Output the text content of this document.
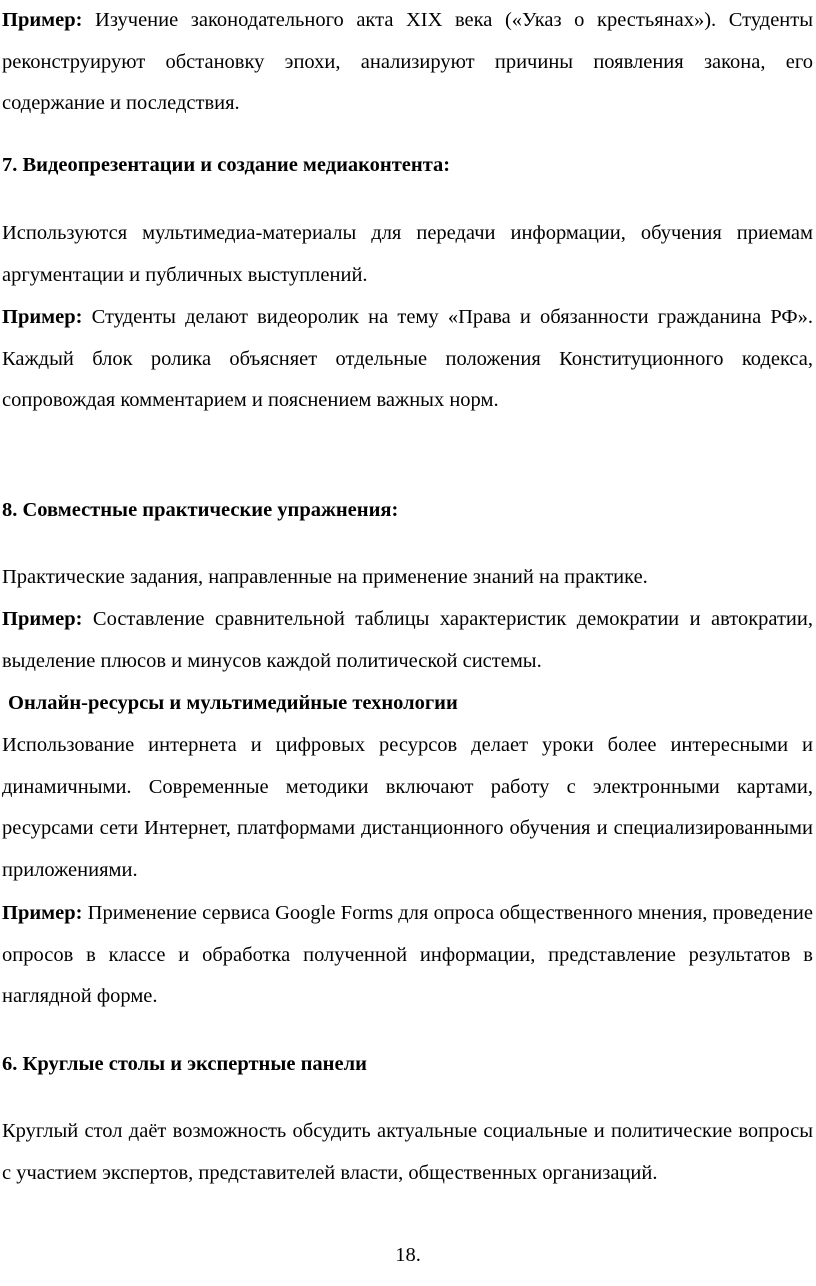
Пример: Изучение законодательного акта XIX века («Указ о крестьянах»). Студенты реконструируют обстановку эпохи, анализируют причины появления закона, его содержание и последствия.

7. Видеопрезентации и создание медиаконтента:

Используются мультимедиа-материалы для передачи информации, обучения приемам аргументации и публичных выступлений.

Пример: Студенты делают видеоролик на тему «Права и обязанности гражданина РФ». Каждый блок ролика объясняет отдельные положения Конституционного кодекса, сопровождая комментарием и пояснением важных норм.

8. Совместные практические упражнения:

Практические задания, направленные на применение знаний на практике.

Пример: Составление сравнительной таблицы характеристик демократии и автократии, выделение плюсов и минусов каждой политической системы.

Онлайн-ресурсы и мультимедийные технологии

Использование интернета и цифровых ресурсов делает уроки более интересными и динамичными. Современные методики включают работу с электронными картами, ресурсами сети Интернет, платформами дистанционного обучения и специализированными приложениями.

Пример: Применение сервиса Google Forms для опроса общественного мнения, проведение опросов в классе и обработка полученной информации, представление результатов в наглядной форме.

6. Круглые столы и экспертные панели

Круглый стол даёт возможность обсудить актуальные социальные и политические вопросы с участием экспертов, представителей власти, общественных организаций.

18.
